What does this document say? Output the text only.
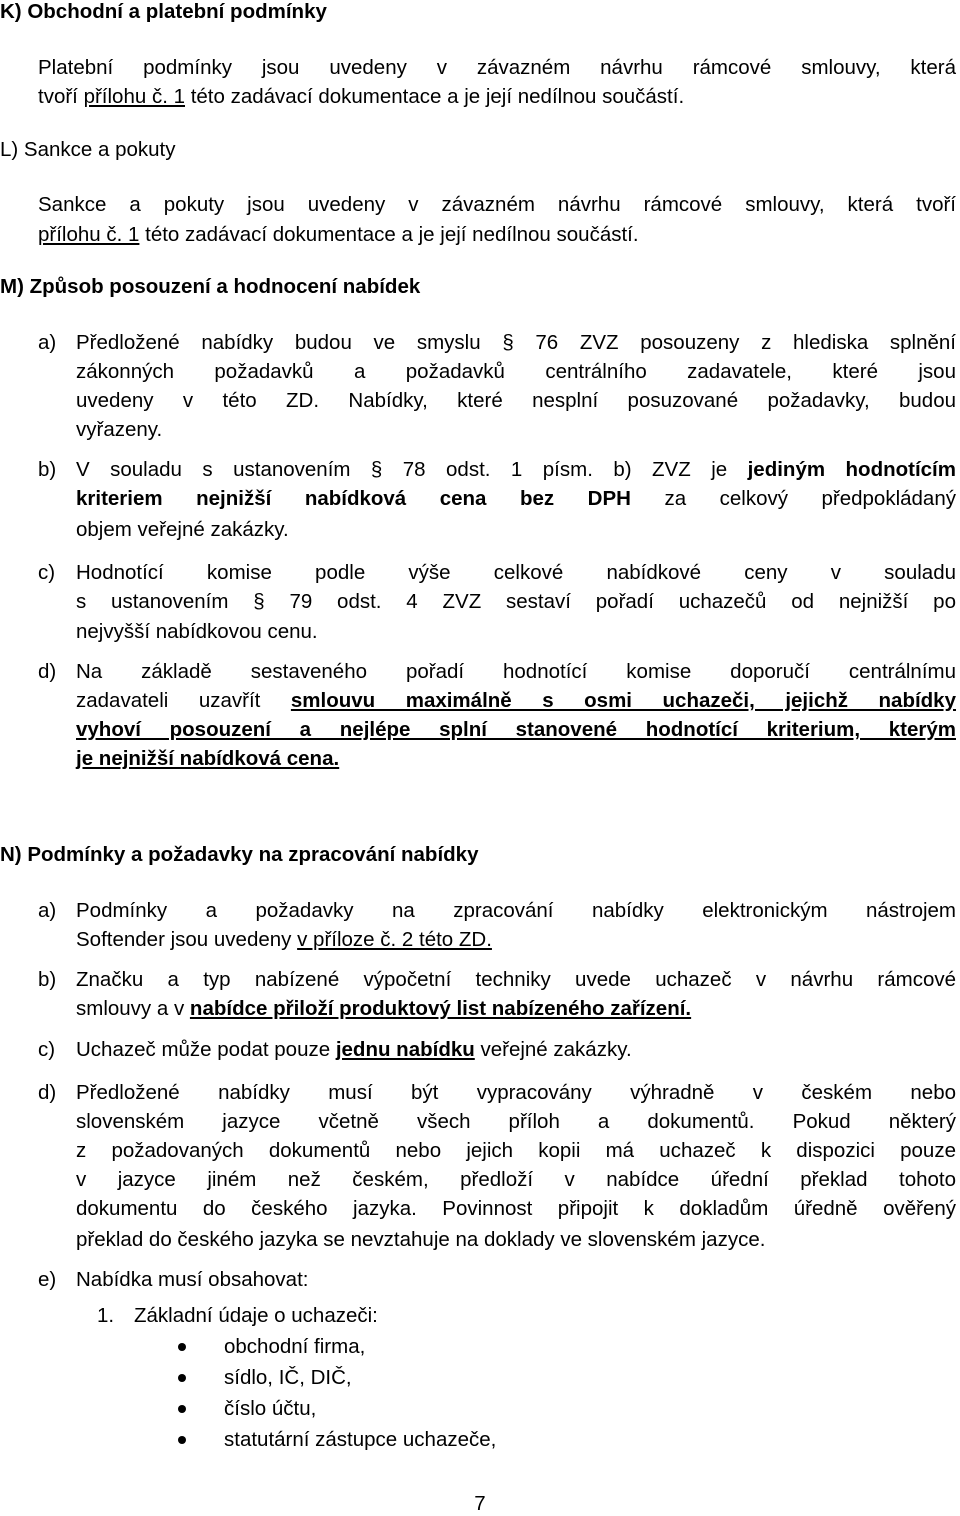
K) Obchodní a platební podmínky
Platební podmínky jsou uvedeny v závazném návrhu rámcové smlouvy, která
tvoří přílohu č. 1 této zadávací dokumentace a je její nedílnou součástí.
L) Sankce a pokuty
Sankce a pokuty jsou uvedeny v závazném návrhu rámcové smlouvy, která tvoří
přílohu č. 1 této zadávací dokumentace a je její nedílnou součástí.
M) Způsob posouzení a hodnocení nabídek
a) Předložené nabídky budou ve smyslu § 76 ZVZ posouzeny z hlediska splnění
zákonných požadavků a požadavků centrálního zadavatele, které jsou
uvedeny v této ZD. Nabídky, které nesplní posuzované požadavky, budou
vyřazeny.
b) V souladu s ustanovením § 78 odst. 1 písm. b) ZVZ je jediným hodnotícím
kriteriem nejnižší nabídková cena bez DPH za celkový předpokládaný
objem veřejné zakázky.
c) Hodnotící komise podle výše celkové nabídkové ceny v souladu
s ustanovením § 79 odst. 4 ZVZ sestaví pořadí uchazečů od nejnižší po
nejvyšší nabídkovou cenu.
d) Na základě sestaveného pořadí hodnotící komise doporučí centrálnímu
zadavateli uzavřít smlouvu maximálně s osmi uchazeči, jejichž nabídky
vyhoví posouzení a nejlépe splní stanovené hodnotící kriterium, kterým
je nejnižší nabídková cena.
N) Podmínky a požadavky na zpracování nabídky
a) Podmínky a požadavky na zpracování nabídky elektronickým nástrojem
Softender jsou uvedeny v příloze č. 2 této ZD.
b) Značku a typ nabízené výpočetní techniky uvede uchazeč v návrhu rámcové
smlouvy a v nabídce přiloží produktový list nabízeného zařízení.
c) Uchazeč může podat pouze jednu nabídku veřejné zakázky.
d) Předložené nabídky musí být vypracovány výhradně v českém nebo
slovenském jazyce včetně všech příloh a dokumentů. Pokud některý
z požadovaných dokumentů nebo jejich kopii má uchazeč k dispozici pouze
v jazyce jiném než českém, předloží v nabídce úřední překlad tohoto
dokumentu do českého jazyka. Povinnost připojit k dokladům úředně ověřený
překlad do českého jazyka se nevztahuje na doklady ve slovenském jazyce.
e) Nabídka musí obsahovat:
1. Základní údaje o uchazeči:
obchodní firma,
sídlo, IČ, DIČ,
číslo účtu,
statutární zástupce uchazeče,
7
